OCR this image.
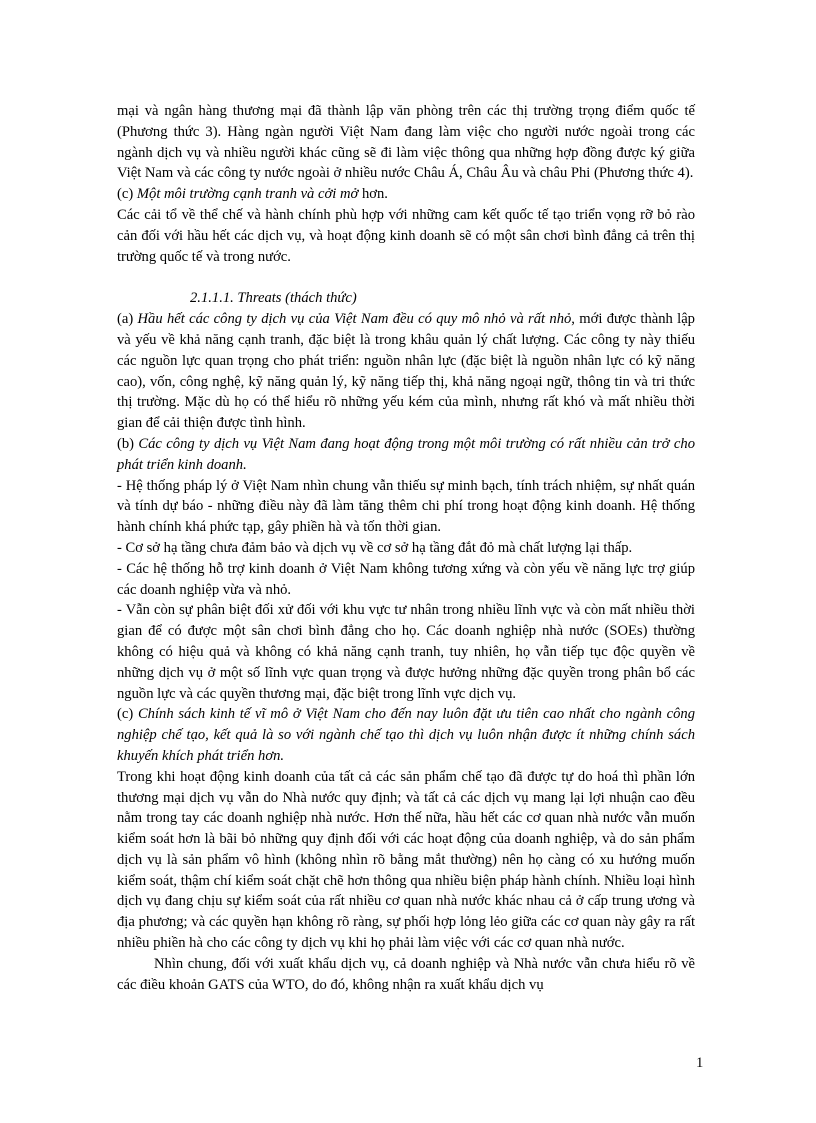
mại và ngân hàng thương mại đã thành lập văn phòng trên các thị trường trọng điểm quốc tế (Phương thức 3). Hàng ngàn người Việt Nam đang làm việc cho người nước ngoài trong các ngành dịch vụ và nhiều người khác cũng sẽ đi làm việc thông qua những hợp đồng được ký giữa Việt Nam và các công ty nước ngoài ở nhiều nước Châu Á, Châu Âu và châu Phi (Phương thức 4).

(c) Một môi trường cạnh tranh và cởi mở hơn.

Các cải tổ về thể chế và hành chính phù hợp với những cam kết quốc tế tạo triển vọng rỡ bỏ rào cản đối với hầu hết các dịch vụ, và hoạt động kinh doanh sẽ có một sân chơi bình đẳng cả trên thị trường quốc tế và trong nước.

2.1.1.1. Threats (thách thức)

(a) Hầu hết các công ty dịch vụ của Việt Nam đều có quy mô nhỏ và rất nhỏ, mới được thành lập và yếu về khả năng cạnh tranh, đặc biệt là trong khâu quản lý chất lượng. Các công ty này thiếu các nguồn lực quan trọng cho phát triển: nguồn nhân lực (đặc biệt là nguồn nhân lực có kỹ năng cao), vốn, công nghệ, kỹ năng quản lý, kỹ năng tiếp thị, khả năng ngoại ngữ, thông tin và tri thức thị trường. Mặc dù họ có thể hiểu rõ những yếu kém của mình, nhưng rất khó và mất nhiều thời gian để cải thiện được tình hình.

(b) Các công ty dịch vụ Việt Nam đang hoạt động trong một môi trường có rất nhiều cản trở cho phát triển kinh doanh.

- Hệ thống pháp lý ở Việt Nam nhìn chung vẫn thiếu sự minh bạch, tính trách nhiệm, sự nhất quán và tính dự báo - những điều này đã làm tăng thêm chi phí trong hoạt động kinh doanh. Hệ thống hành chính khá phức tạp, gây phiền hà và tốn thời gian.

- Cơ sở hạ tầng chưa đảm bảo và dịch vụ về cơ sở hạ tầng đắt đỏ mà chất lượng lại thấp.

- Các hệ thống hỗ trợ kinh doanh ở Việt Nam không tương xứng và còn yếu về năng lực trợ giúp các doanh nghiệp vừa và nhỏ.

- Vẫn còn sự phân biệt đối xử đối với khu vực tư nhân trong nhiều lĩnh vực và còn mất nhiều thời gian để có được một sân chơi bình đẳng cho họ. Các doanh nghiệp nhà nước (SOEs) thường không có hiệu quả và không có khả năng cạnh tranh, tuy nhiên, họ vẫn tiếp tục độc quyền về những dịch vụ ở một số lĩnh vực quan trọng và được hưởng những đặc quyền trong phân bổ các nguồn lực và các quyền thương mại, đặc biệt trong lĩnh vực dịch vụ.

(c) Chính sách kinh tế vĩ mô ở Việt Nam cho đến nay luôn đặt ưu tiên cao nhất cho ngành công nghiệp chế tạo, kết quả là so với ngành chế tạo thì dịch vụ luôn nhận được ít những chính sách khuyến khích phát triển hơn.

Trong khi hoạt động kinh doanh của tất cả các sản phẩm chế tạo đã được tự do hoá thì phần lớn thương mại dịch vụ vẫn do Nhà nước quy định; và tất cả các dịch vụ mang lại lợi nhuận cao đều nằm trong tay các doanh nghiệp nhà nước. Hơn thế nữa, hầu hết các cơ quan nhà nước vẫn muốn kiểm soát hơn là bãi bỏ những quy định đối với các hoạt động của doanh nghiệp, và do sản phẩm dịch vụ là sản phẩm vô hình (không nhìn rõ bằng mắt thường) nên họ càng có xu hướng muốn kiểm soát, thậm chí kiểm soát chặt chẽ hơn thông qua nhiều biện pháp hành chính. Nhiều loại hình dịch vụ đang chịu sự kiểm soát của rất nhiều cơ quan nhà nước khác nhau cả ở cấp trung ương và địa phương; và các quyền hạn không rõ ràng, sự phối hợp lỏng lẻo giữa các cơ quan này gây ra rất nhiều phiền hà cho các công ty dịch vụ khi họ phải làm việc với các cơ quan nhà nước.

Nhìn chung, đối với xuất khẩu dịch vụ, cả doanh nghiệp và Nhà nước vẫn chưa hiểu rõ về các điều khoản GATS của WTO, do đó, không nhận ra xuất khẩu dịch vụ

1
